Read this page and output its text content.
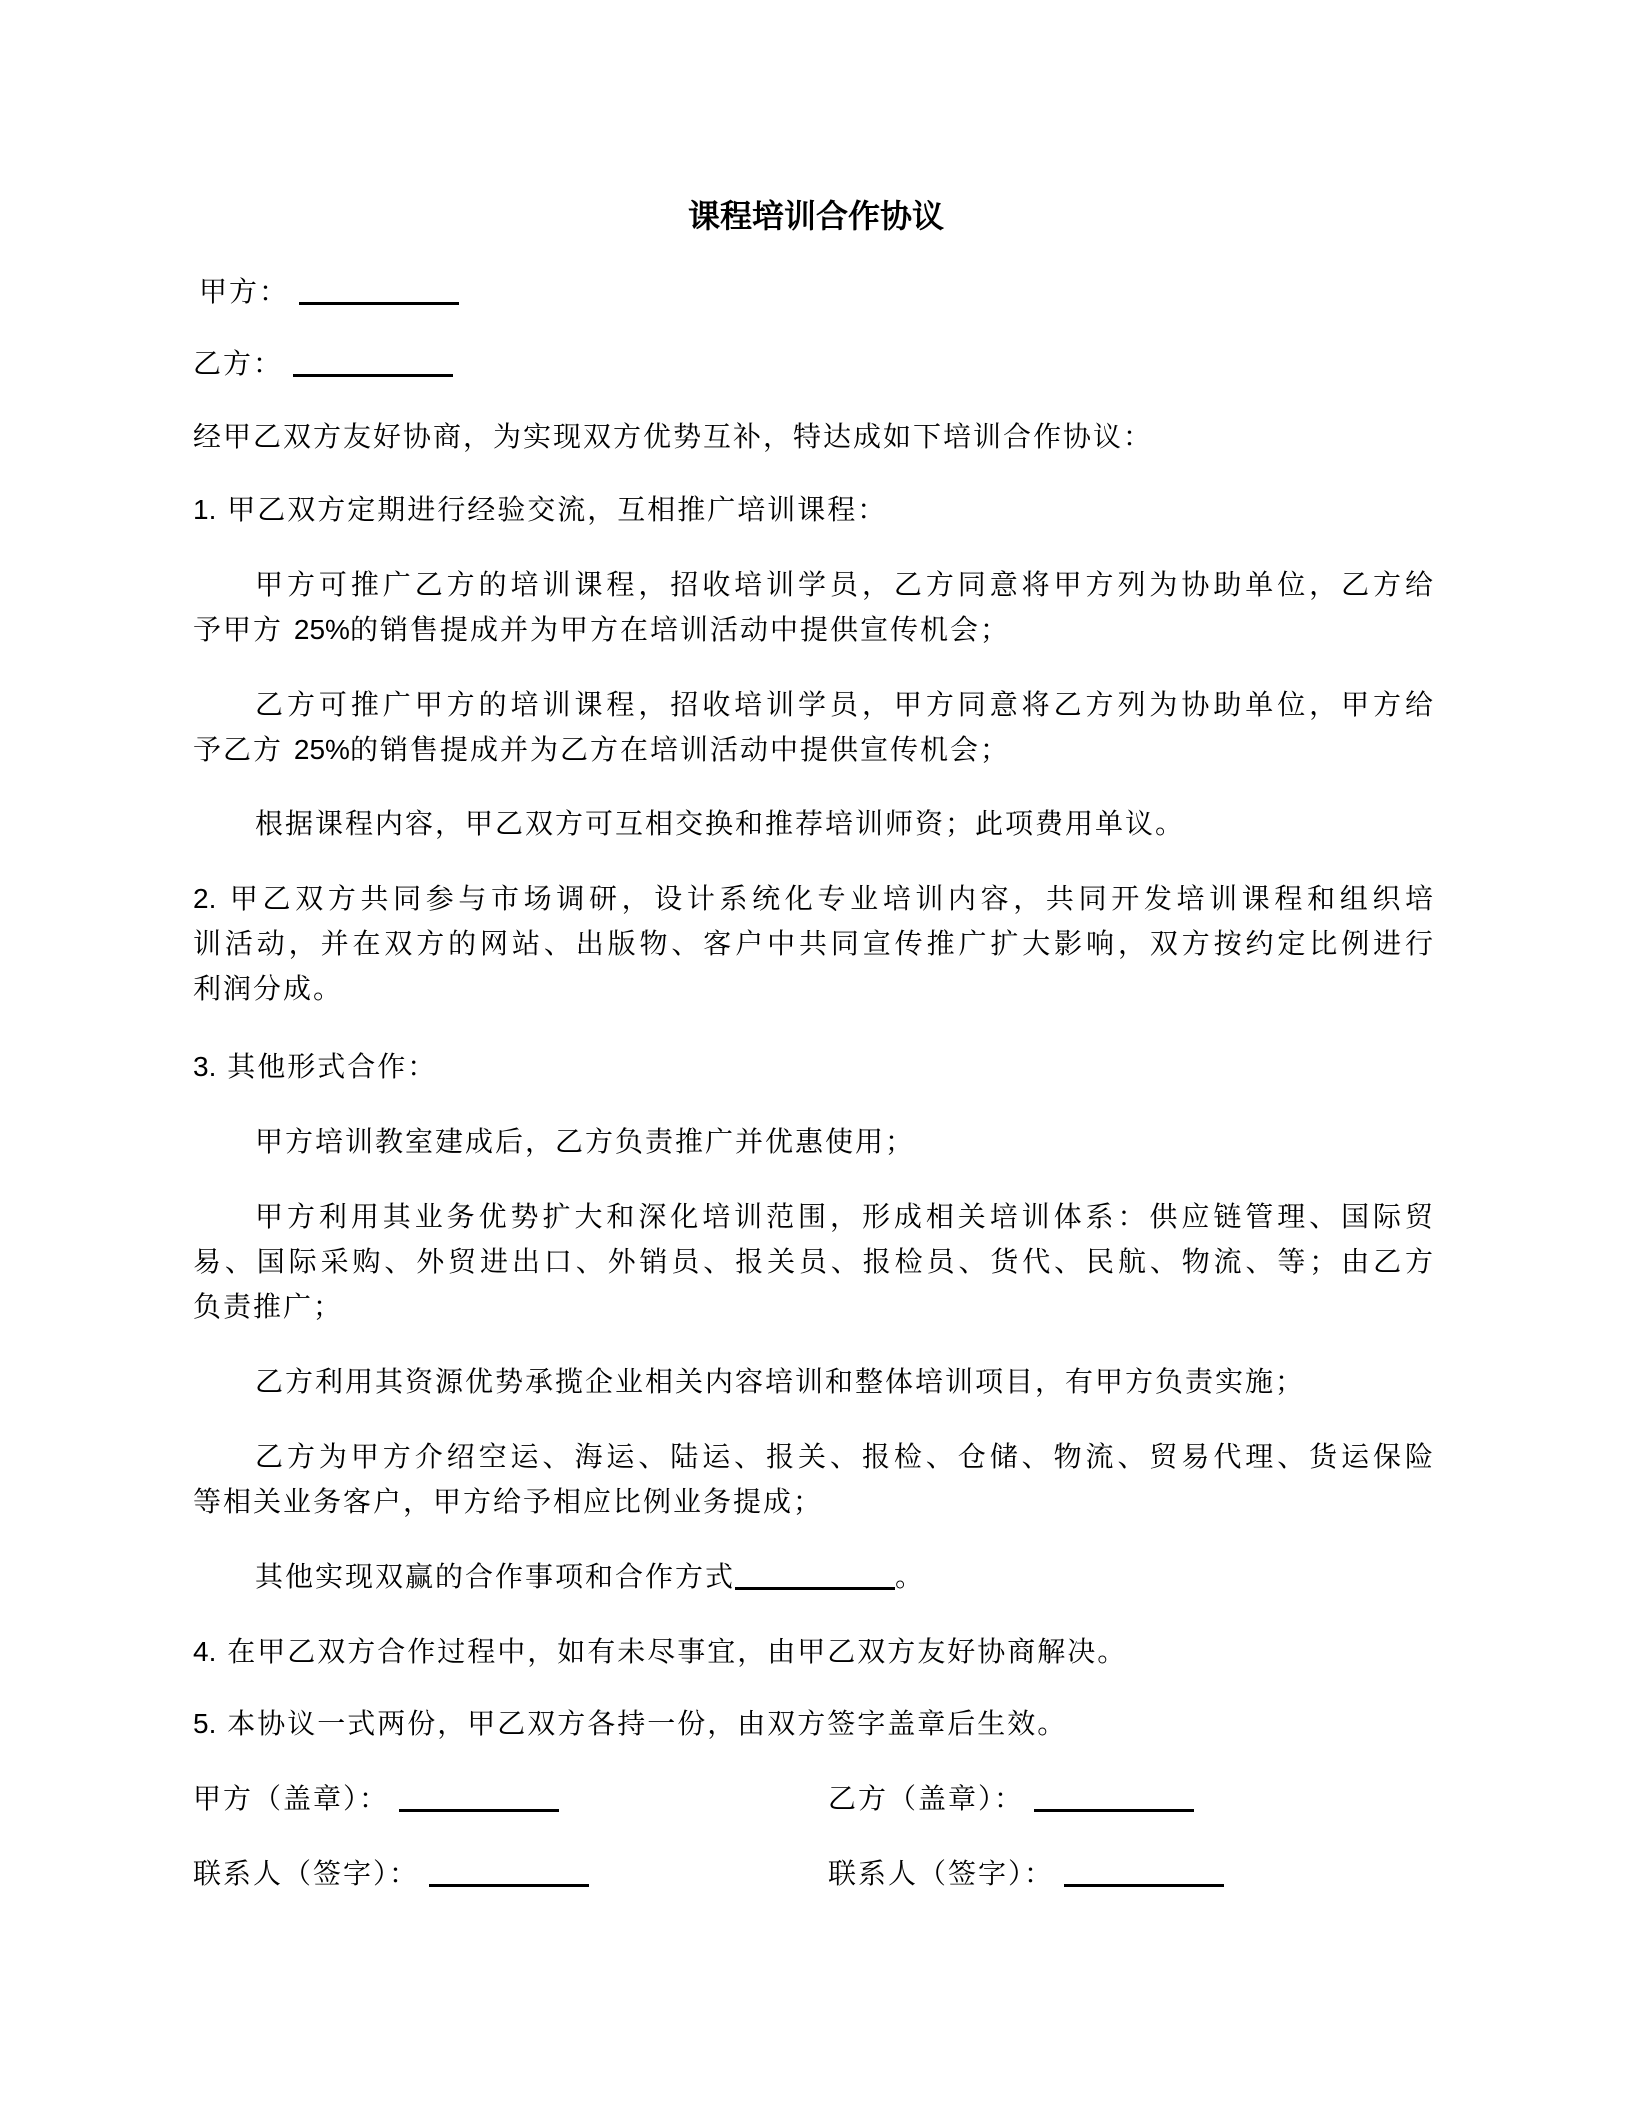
课程培训合作协议
甲方：
乙方：
经甲乙双方友好协商，为实现双方优势互补，特达成如下培训合作协议：
1. 甲乙双方定期进行经验交流，互相推广培训课程：
甲方可推广乙方的培训课程，招收培训学员，乙方同意将甲方列为协助单位，乙方给
予甲方 25%的销售提成并为甲方在培训活动中提供宣传机会；
乙方可推广甲方的培训课程，招收培训学员，甲方同意将乙方列为协助单位，甲方给
予乙方 25%的销售提成并为乙方在培训活动中提供宣传机会；
根据课程内容，甲乙双方可互相交换和推荐培训师资；此项费用单议。
2. 甲乙双方共同参与市场调研，设计系统化专业培训内容，共同开发培训课程和组织培
训活动，并在双方的网站、出版物、客户中共同宣传推广扩大影响，双方按约定比例进行
利润分成。
3. 其他形式合作：
甲方培训教室建成后，乙方负责推广并优惠使用；
甲方利用其业务优势扩大和深化培训范围，形成相关培训体系：供应链管理、国际贸
易、国际采购、外贸进出口、外销员、报关员、报检员、货代、民航、物流、等；由乙方
负责推广；
乙方利用其资源优势承揽企业相关内容培训和整体培训项目，有甲方负责实施；
乙方为甲方介绍空运、海运、陆运、报关、报检、仓储、物流、贸易代理、货运保险
等相关业务客户，甲方给予相应比例业务提成；
其他实现双赢的合作事项和合作方式	。
4. 在甲乙双方合作过程中，如有未尽事宜，由甲乙双方友好协商解决。
5. 本协议一式两份，甲乙双方各持一份，由双方签字盖章后生效。
甲方（盖章）：	乙方（盖章）：
联系人（签字）：	联系人（签字）：
